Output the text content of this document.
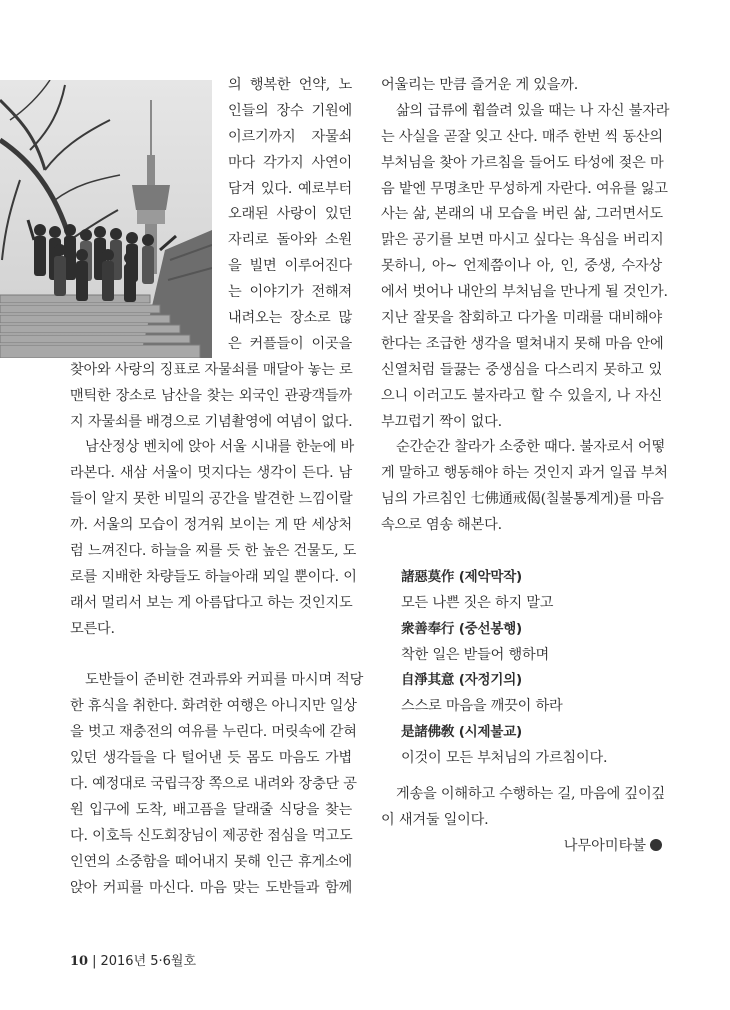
의 행복한 언약, 노
인들의 장수 기원에
이르기까지 자물쇠
마다 각가지 사연이
담겨 있다. 예로부터
오래된 사랑이 있던
자리로 돌아와 소원
을 빌면 이루어진다
는 이야기가 전해져
내려오는 장소로 많
은 커플들이 이곳을
찾아와 사랑의 징표로 자물쇠를 매달아 놓는 로
맨틱한 장소로 남산을 찾는 외국인 관광객들까
지 자물쇠를 배경으로 기념촬영에 여념이 없다.
남산정상 벤치에 앉아 서울 시내를 한눈에 바
라본다. 새삼 서울이 멋지다는 생각이 든다. 남
들이 알지 못한 비밀의 공간을 발견한 느낌이랄
까. 서울의 모습이 정겨워 보이는 게 딴 세상처
럼 느껴진다. 하늘을 찌를 듯 한 높은 건물도, 도
로를 지배한 차량들도 하늘아래 뫼일 뿐이다. 이
래서 멀리서 보는 게 아름답다고 하는 것인지도
모른다.
도반들이 준비한 견과류와 커피를 마시며 적당
한 휴식을 취한다. 화려한 여행은 아니지만 일상
을 벗고 재충전의 여유를 누린다. 머릿속에 갇혀
있던 생각들을 다 털어낸 듯 몸도 마음도 가볍
다. 예정대로 국립극장 쪽으로 내려와 장충단 공
원 입구에 도착, 배고픔을 달래줄 식당을 찾는
다. 이호득 신도회장님이 제공한 점심을 먹고도
인연의 소중함을 떼어내지 못해 인근 휴게소에
앉아 커피를 마신다. 마음 맞는 도반들과 함께
어울리는 만큼 즐거운 게 있을까.
삶의 급류에 휩쓸려 있을 때는 나 자신 불자라
는 사실을 곧잘 잊고 산다. 매주 한번 씩 동산의
부처님을 찾아 가르침을 들어도 타성에 젖은 마
음 밭엔 무명초만 무성하게 자란다. 여유를 잃고
사는 삶, 본래의 내 모습을 버린 삶, 그러면서도
맑은 공기를 보면 마시고 싶다는 욕심을 버리지
못하니, 아~ 언제쯤이나 아, 인, 중생, 수자상
에서 벗어나 내안의 부처님을 만나게 될 것인가.
지난 잘못을 참회하고 다가올 미래를 대비해야
한다는 조급한 생각을 떨쳐내지 못해 마음 안에
신열처럼 들끓는 중생심을 다스리지 못하고 있
으니 이러고도 불자라고 할 수 있을지, 나 자신
부끄럽기 짝이 없다.
순간순간 찰라가 소중한 때다. 불자로서 어떻
게 말하고 행동해야 하는 것인지 과거 일곱 부처
님의 가르침인 七佛通戒偈(칠불통계게)를 마음
속으로 염송 해본다.
諸惡莫作 (제악막작)
모든 나쁜 짓은 하지 말고
衆善奉行 (중선봉행)
착한 일은 받들어 행하며
自淨其意 (자정기의)
스스로 마음을 깨끗이 하라
是諸佛敎 (시제불교)
이것이 모든 부처님의 가르침이다.
게송을 이해하고 수행하는 길, 마음에 깊이깊
이 새겨둘 일이다.
나무아미타불
10 | 2016년 5·6월호
